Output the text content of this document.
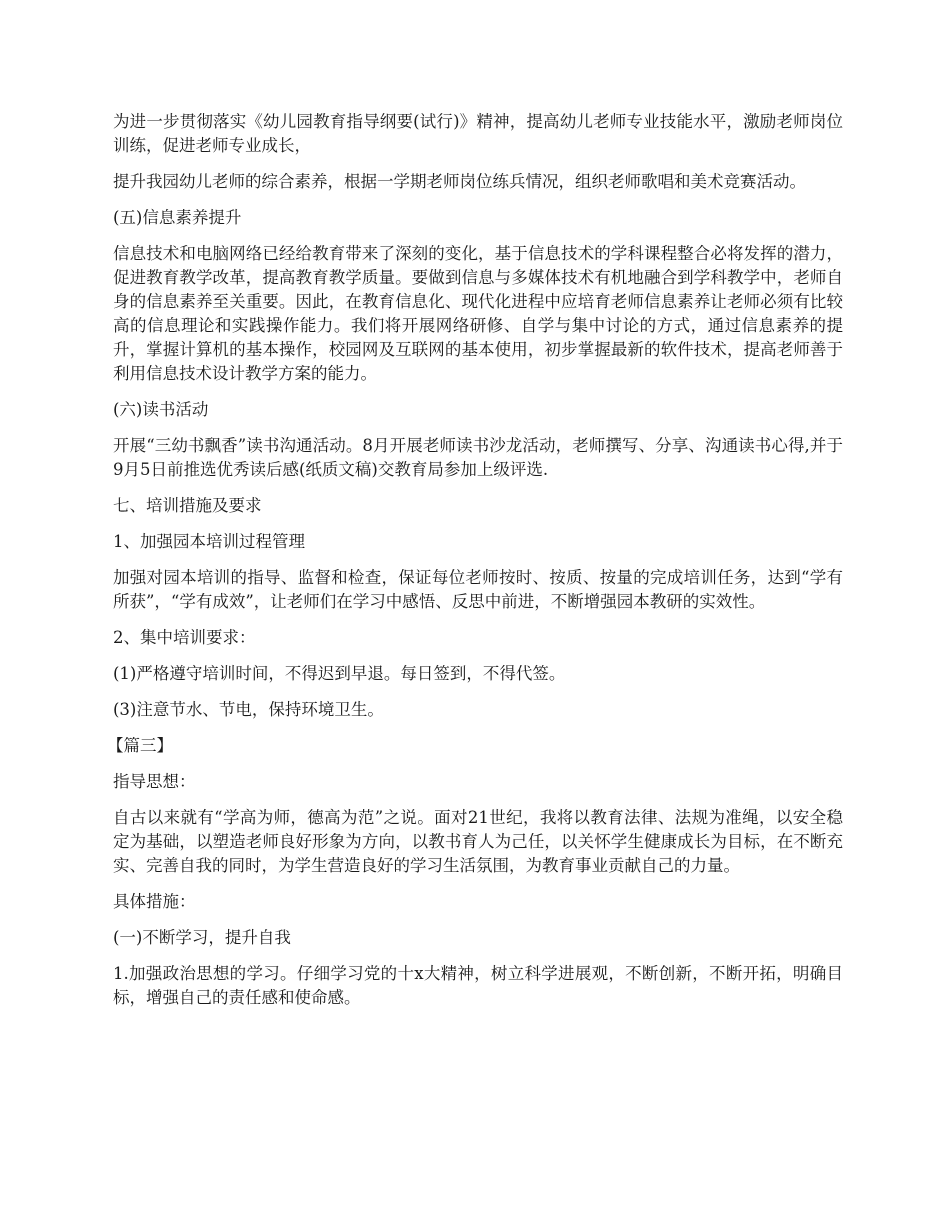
为进一步贯彻落实《幼儿园教育指导纲要(试行)》精神，提高幼儿老师专业技能水平，激励老师岗位训练，促进老师专业成长，

提升我园幼儿老师的综合素养，根据一学期老师岗位练兵情况，组织老师歌唱和美术竞赛活动。

(五)信息素养提升

信息技术和电脑网络已经给教育带来了深刻的变化，基于信息技术的学科课程整合必将发挥的潜力，促进教育教学改革，提高教育教学质量。要做到信息与多媒体技术有机地融合到学科教学中，老师自身的信息素养至关重要。因此，在教育信息化、现代化进程中应培育老师信息素养让老师必须有比较高的信息理论和实践操作能力。我们将开展网络研修、自学与集中讨论的方式，通过信息素养的提升，掌握计算机的基本操作，校园网及互联网的基本使用，初步掌握最新的软件技术，提高老师善于利用信息技术设计教学方案的能力。

(六)读书活动

开展“三幼书飘香”读书沟通活动。8月开展老师读书沙龙活动，老师撰写、分享、沟通读书心得,并于9月5日前推选优秀读后感(纸质文稿)交教育局参加上级评选.

七、培训措施及要求

1、加强园本培训过程管理

加强对园本培训的指导、监督和检查，保证每位老师按时、按质、按量的完成培训任务，达到“学有所获”，“学有成效”，让老师们在学习中感悟、反思中前进，不断增强园本教研的实效性。

2、集中培训要求：

(1)严格遵守培训时间，不得迟到早退。每日签到，不得代签。

(3)注意节水、节电，保持环境卫生。

【篇三】

指导思想：

自古以来就有“学高为师，德高为范”之说。面对21世纪，我将以教育法律、法规为准绳，以安全稳定为基础，以塑造老师良好形象为方向，以教书育人为己任，以关怀学生健康成长为目标，在不断充实、完善自我的同时，为学生营造良好的学习生活氛围，为教育事业贡献自己的力量。

具体措施：

(一)不断学习，提升自我

1.加强政治思想的学习。仔细学习党的十x大精神，树立科学进展观，不断创新，不断开拓，明确目标，增强自己的责任感和使命感。
